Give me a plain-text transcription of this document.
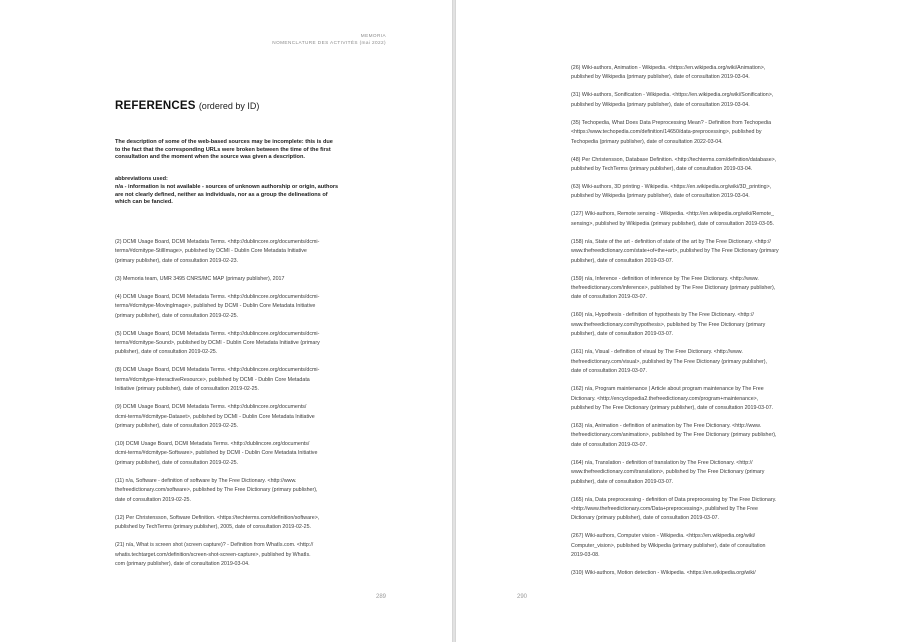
MEMORIA
NOMENCLATURE DES ACTIVITÉS (mai 2022)
REFERENCES (ordered by ID)
The description of some of the web-based sources may be incomplete: this is due
to the fact that the corresponding URLs were broken between the time of the first
consultation and the moment when the source was given a description.
abbreviations used:
n/a - information is not available - sources of unknown authorship or origin, authors
are not clearly defined, neither as individuals, nor as a group the delineations of
which can be fancied.
(2) DCMI Usage Board, DCMI Metadata Terms. <http://dublincore.org/documents/dcmi-
terms/#dcmitype-StillImage>, published by DCMI - Dublin Core Metadata Initiative
(primary publisher), date of consultation 2019-02-23.
(3) Memoria team, UMR 3495 CNRS/MC MAP (primary publisher), 2017
(4) DCMI Usage Board, DCMI Metadata Terms. <http://dublincore.org/documents/dcmi-
terms/#dcmitype-MovingImage>, published by DCMI - Dublin Core Metadata Initiative
(primary publisher), date of consultation 2019-02-25.
(5) DCMI Usage Board, DCMI Metadata Terms. <http://dublincore.org/documents/dcmi-
terms/#dcmitype-Sound>, published by DCMI - Dublin Core Metadata Initiative (primary
publisher), date of consultation 2019-02-25.
(8) DCMI Usage Board, DCMI Metadata Terms. <http://dublincore.org/documents/dcmi-
terms/#dcmitype-InteractiveResource>, published by DCMI - Dublin Core Metadata
Initiative (primary publisher), date of consultation 2019-02-25.
(9) DCMI Usage Board, DCMI Metadata Terms. <http://dublincore.org/documents/
dcmi-terms/#dcmitype-Dataset>, published by DCMI - Dublin Core Metadata Initiative
(primary publisher), date of consultation 2019-02-25.
(10) DCMI Usage Board, DCMI Metadata Terms. <http://dublincore.org/documents/
dcmi-terms/#dcmitype-Software>, published by DCMI - Dublin Core Metadata Initiative
(primary publisher), date of consultation 2019-02-25.
(11) n/a, Software - definition of software by The Free Dictionary. <http://www.
thefreedictionary.com/software>, published by The Free Dictionary (primary publisher),
date of consultation 2019-02-25.
(12) Per Christensson, Software Definition. <https://techterms.com/definition/software>,
published by TechTerms (primary publisher), 2005, date of consultation 2019-02-25.
(21) n/a, What is screen shot (screen capture)? - Definition from WhatIs.com. <http://
whatis.techtarget.com/definition/screen-shot-screen-capture>, published by WhatIs.
com (primary publisher), date of consultation 2019-03-04.
289
(26) Wiki-authors, Animation - Wikipedia. <https://en.wikipedia.org/wiki/Animation>,
published by Wikipedia (primary publisher), date of consultation 2019-03-04.
(31) Wiki-authors, Sonification - Wikipedia. <https://en.wikipedia.org/wiki/Sonification>,
published by Wikipedia (primary publisher), date of consultation 2019-03-04.
(35) Techopedia, What Does Data Preprocessing Mean? - Definition from Techopedia
<https://www.techopedia.com/definition/14650/data-preprocessing>, published by
Techopedia (primary publisher), date of consultation 2022-03-04.
(48) Per Christensson, Database Definition. <http://techterms.com/definition/database>,
published by TechTerms (primary publisher), date of consultation 2019-03-04.
(63) Wiki-authors, 3D printing - Wikipedia. <https://en.wikipedia.org/wiki/3D_printing>,
published by Wikipedia (primary publisher), date of consultation 2019-03-04.
(127) Wiki-authors, Remote sensing - Wikipedia. <http://en.wikipedia.org/wiki/Remote_
sensing>, published by Wikipedia (primary publisher), date of consultation 2019-03-05.
(158) n/a, State of the art - definition of state of the art by The Free Dictionary. <http://
www.thefreedictionary.com/state+of+the+art>, published by The Free Dictionary (primary
publisher), date of consultation 2019-03-07.
(159) n/a, Inference - definition of inference by The Free Dictionary. <http://www.
thefreedictionary.com/inference>, published by The Free Dictionary (primary publisher),
date of consultation 2019-03-07.
(160) n/a, Hypothesis - definition of hypothesis by The Free Dictionary. <http://
www.thefreedictionary.com/hypothesis>, published by The Free Dictionary (primary
publisher), date of consultation 2019-03-07.
(161) n/a, Visual - definition of visual by The Free Dictionary. <http://www.
thefreedictionary.com/visual>, published by The Free Dictionary (primary publisher),
date of consultation 2019-03-07.
(162) n/a, Program maintenance | Article about program maintenance by The Free
Dictionary. <http://encyclopedia2.thefreedictionary.com/program+maintenance>,
published by The Free Dictionary (primary publisher), date of consultation 2019-03-07.
(163) n/a, Animation - definition of animation by The Free Dictionary. <http://www.
thefreedictionary.com/animation>, published by The Free Dictionary (primary publisher),
date of consultation 2019-03-07.
(164) n/a, Translation - definition of translation by The Free Dictionary. <http://
www.thefreedictionary.com/translation>, published by The Free Dictionary (primary
publisher), date of consultation 2019-03-07.
(165) n/a, Data preprocessing - definition of Data preprocessing by The Free Dictionary.
<http://www.thefreedictionary.com/Data+preprocessing>, published by The Free
Dictionary (primary publisher), date of consultation 2019-03-07.
(267) Wiki-authors, Computer vision - Wikipedia. <https://en.wikipedia.org/wiki/
Computer_vision>, published by Wikipedia (primary publisher), date of consultation
2019-03-08.
(310) Wiki-authors, Motion detection - Wikipedia. <https://en.wikipedia.org/wiki/
290
